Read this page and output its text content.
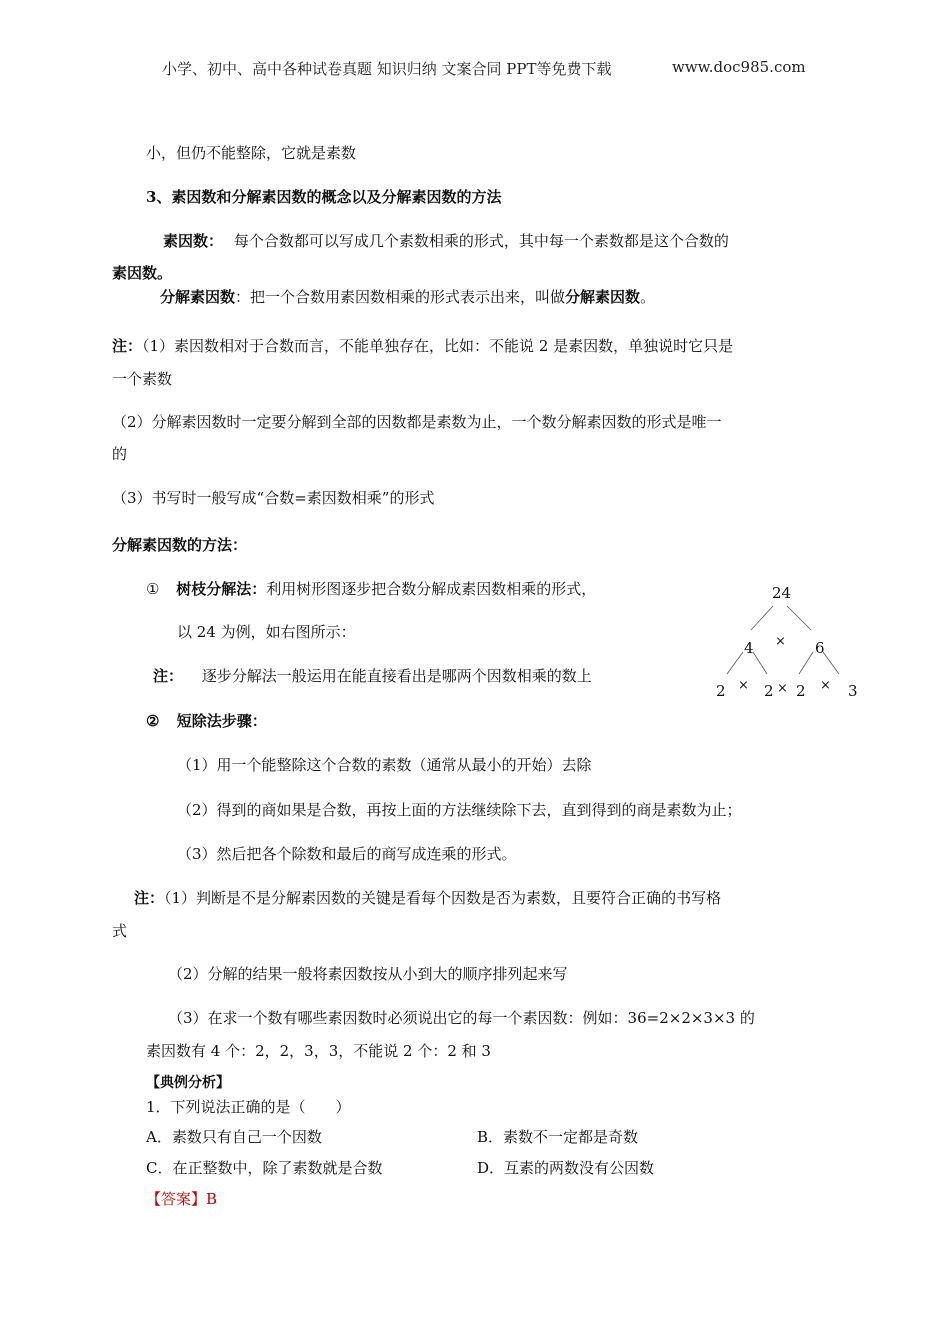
小学、初中、高中各种试卷真题 知识归纳 文案合同 PPT等免费下载	www.doc985.com
小，但仍不能整除，它就是素数
3、素因数和分解素因数的概念以及分解素因数的方法
素因数： 每个合数都可以写成几个素数相乘的形式，其中每一个素数都是这个合数的
素因数。
分解素因数：把一个合数用素因数相乘的形式表示出来，叫做分解素因数。
注：（1）素因数相对于合数而言，不能单独存在，比如：不能说 2 是素因数，单独说时它只是
一个素数
（2）分解素因数时一定要分解到全部的因数都是素数为止，一个数分解素因数的形式是唯一
的
（3）书写时一般写成“合数=素因数相乘”的形式
分解素因数的方法：
① 树枝分解法：利用树形图逐步把合数分解成素因数相乘的形式，
以 24 为例，如右图所示：
注： 逐步分解法一般运用在能直接看出是哪两个因数相乘的数上
② 短除法步骤：
（1）用一个能整除这个合数的素数（通常从最小的开始）去除
（2）得到的商如果是合数，再按上面的方法继续除下去，直到得到的商是素数为止；
（3）然后把各个除数和最后的商写成连乘的形式。
注：（1）判断是不是分解素因数的关键是看每个因数是否为素数，且要符合正确的书写格
式
（2）分解的结果一般将素因数按从小到大的顺序排列起来写
（3）在求一个数有哪些素因数时必须说出它的每一个素因数：例如：36=2×2×3×3 的
素因数有 4 个：2，2，3，3，不能说 2 个：2 和 3
【典例分析】
1．下列说法正确的是（　　）
A．素数只有自己一个因数	B．素数不一定都是奇数
C．在正整数中，除了素数就是合数	D．互素的两数没有公因数
【答案】B
24
4 × 6
2 × 2 × 2 × 3
